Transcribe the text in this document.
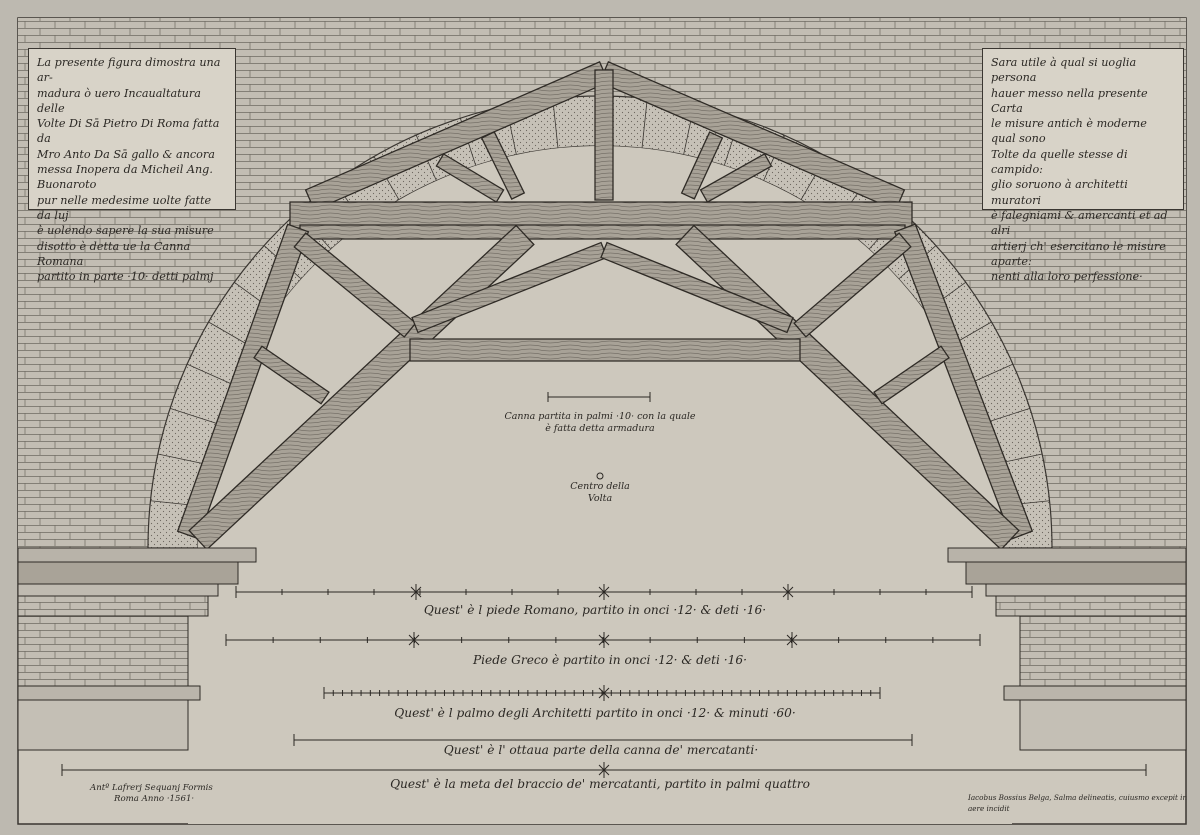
La presente figura dimostra una ar-
madura ò uero Incaualtatura delle
Volte Di Sā Pietro Di Roma fatta da
Mro Anto Da Sā gallo & ancora
messa Inopera da Micheil Ang. Buonaroto
pur nelle medesime uolte fatte da luj
è uolendo sapere la sua misure
disotto è detta ue la Canna Romana
partito in parte ·10· detti palmj
Sara utile à qual si uoglia persona
hauer messo nella presente Carta
le misure antich è moderne qual sono
Tolte da quelle stesse di campido:
glio soruono à architetti muratori
è falegniami & amercanti et ad alri
artierj ch' esercitano le misure aparte:
nenti alla loro perfessione·
Canna partita in palmi ·10· con la quale
è fatta detta armadura
Centro della
Volta
Quest' è l piede Romano, partito in onci ·12· & deti ·16·
Piede Greco è partito in onci ·12· & deti ·16·
Quest' è l palmo degli Architetti partito in onci ·12· & minuti ·60·
Quest' è l' ottaua parte della canna de' mercatanti·
Quest' è la meta del braccio de' mercatanti, partito in palmi quattro
Antº Lafrerj Sequanj Formis
Roma Anno ·1561·	Iacobus Bossius Belga, Salma delineatis, cuiusmo excepit in aere incidit
